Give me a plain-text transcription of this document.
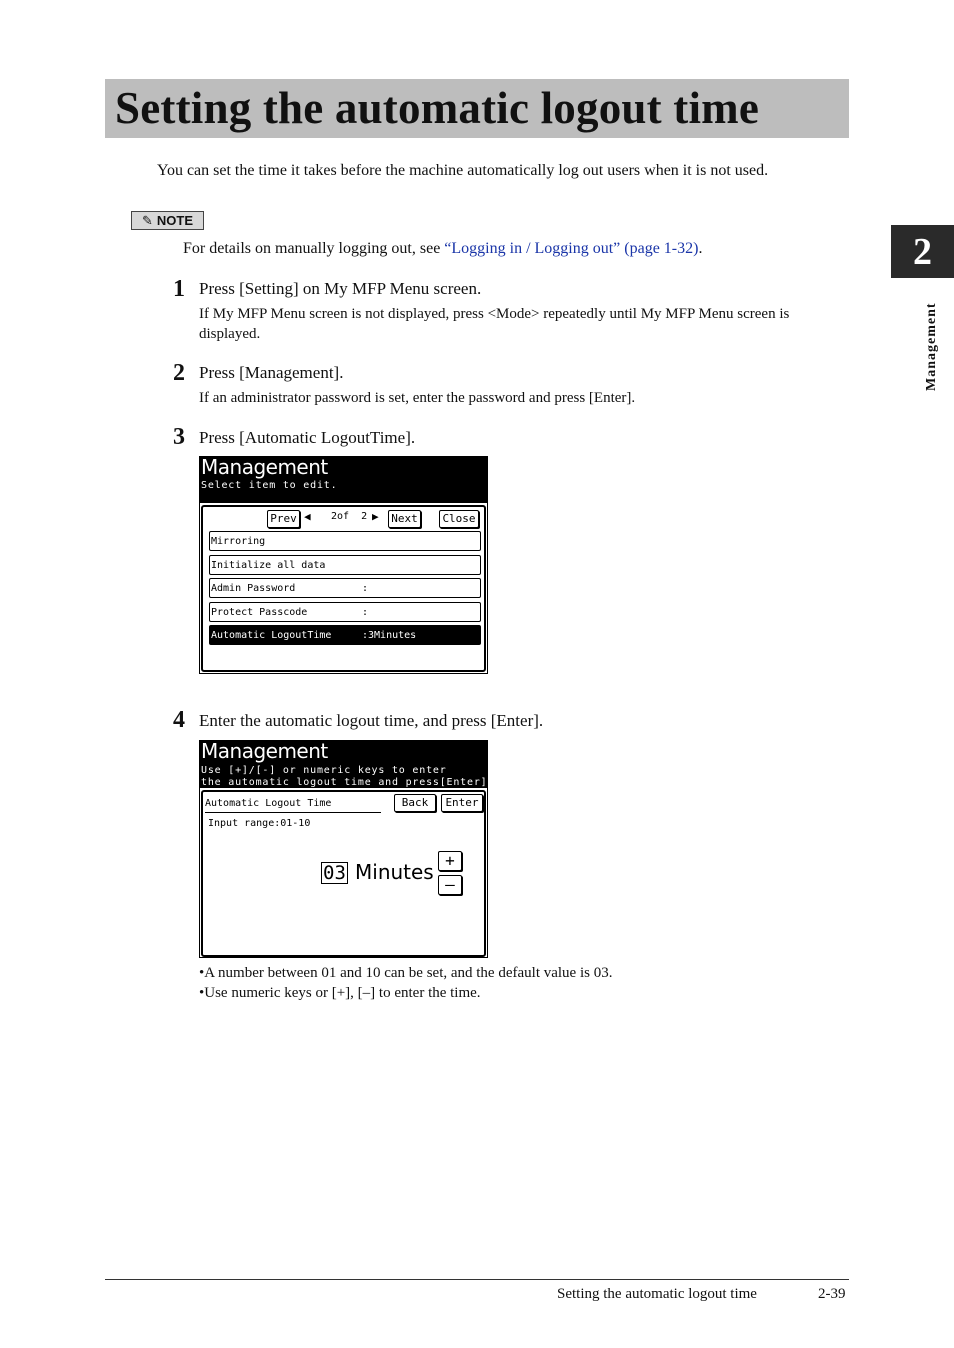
Setting the automatic logout time
2
Management
You can set the time it takes before the machine automatically log out users when it is not used.
✎ NOTE
For details on manually logging out, see “Logging in / Logging out” (page 1-32).
1 Press [Setting] on My MFP Menu screen.
If My MFP Menu screen is not displayed, press <Mode> repeatedly until My MFP Menu screen is displayed.
2 Press [Management].
If an administrator password is set, enter the password and press [Enter].
3 Press [Automatic LogoutTime].
Management
Select item to edit.
Prev ◀ 2of  2 ▶ Next	Close
Mirroring
Initialize all data
Admin Password	:
Protect Passcode	:
Automatic LogoutTime	:3Minutes
4 Enter the automatic logout time, and press [Enter].
Management
Use [+]/[-] or numeric keys to enter
the automatic logout time and press[Enter].
Automatic Logout Time	Back	Enter
Input range:01-10
03 Minutes +
–
•A number between 01 and 10 can be set, and the default value is 03.
•Use numeric keys or [+], [–] to enter the time.
Setting the automatic logout time	2-39
